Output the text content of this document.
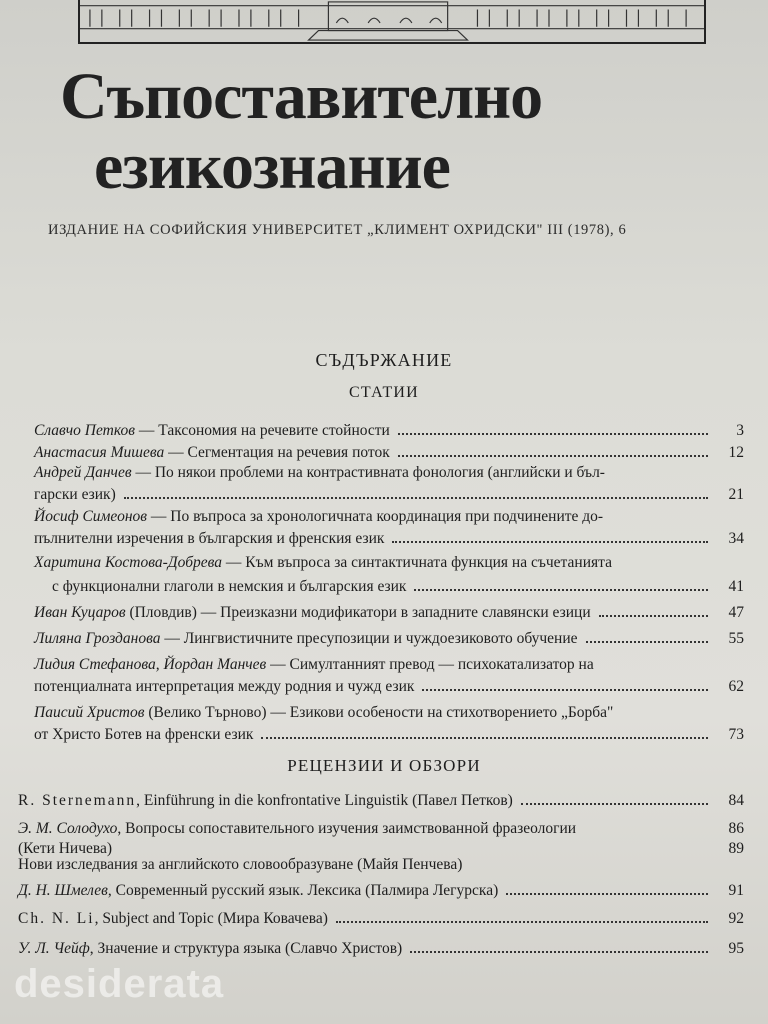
Съпоставително
езикознание
ИЗДАНИЕ НА СОФИЙСКИЯ УНИВЕРСИТЕТ „КЛИМЕНТ ОХРИДСКИ" III (1978), 6
СЪДЪРЖАНИЕ
СТАТИИ
Славчо Петков — Таксономия на речевите стойности	3
Анастасия Мишева — Сегментация на речевия поток	12
Андрей Данчев — По някои проблеми на контрастивната фонология (английски и бъл-
гарски език)	21
Йосиф Симеонов — По въпроса за хронологичната координация при подчинените до-
пълнителни изречения в българския и френския език	34
Харитина Костова-Добрева — Към въпроса за синтактичната функция на съчетанията
с функционални глаголи в немския и българския език	41
Иван Куцаров (Пловдив) — Преизказни модификатори в западните славянски езици	47
Лиляна Грозданова — Лингвистичните пресупозиции и чуждоезиковото обучение	55
Лидия Стефанова, Йордан Манчев — Симултанният превод — психокатализатор на
потенциалната интерпретация между родния и чужд език	62
Паисий Христов (Велико Търново) — Езикови особености на стихотворението „Борба"
от Христо Ботев на френски език	73
РЕЦЕНЗИИ И ОБЗОРИ
R. Sternemann, Einführung in die konfrontative Linguistik (Павел Петков)	84
Э. М. Солодухо, Вопросы сопоставительного изучения заимствованной фразеологии	86
(Кети Ничева)	89
Нови изследвания за английското словообразуване (Майя Пенчева)
Д. Н. Шмелев, Современный русский язык. Лексика (Палмира Легурска)	91
Ch. N. Li, Subject and Topic (Мира Ковачева)	92
У. Л. Чейф, Значение и структура языка (Славчо Христов)	95
desiderata
